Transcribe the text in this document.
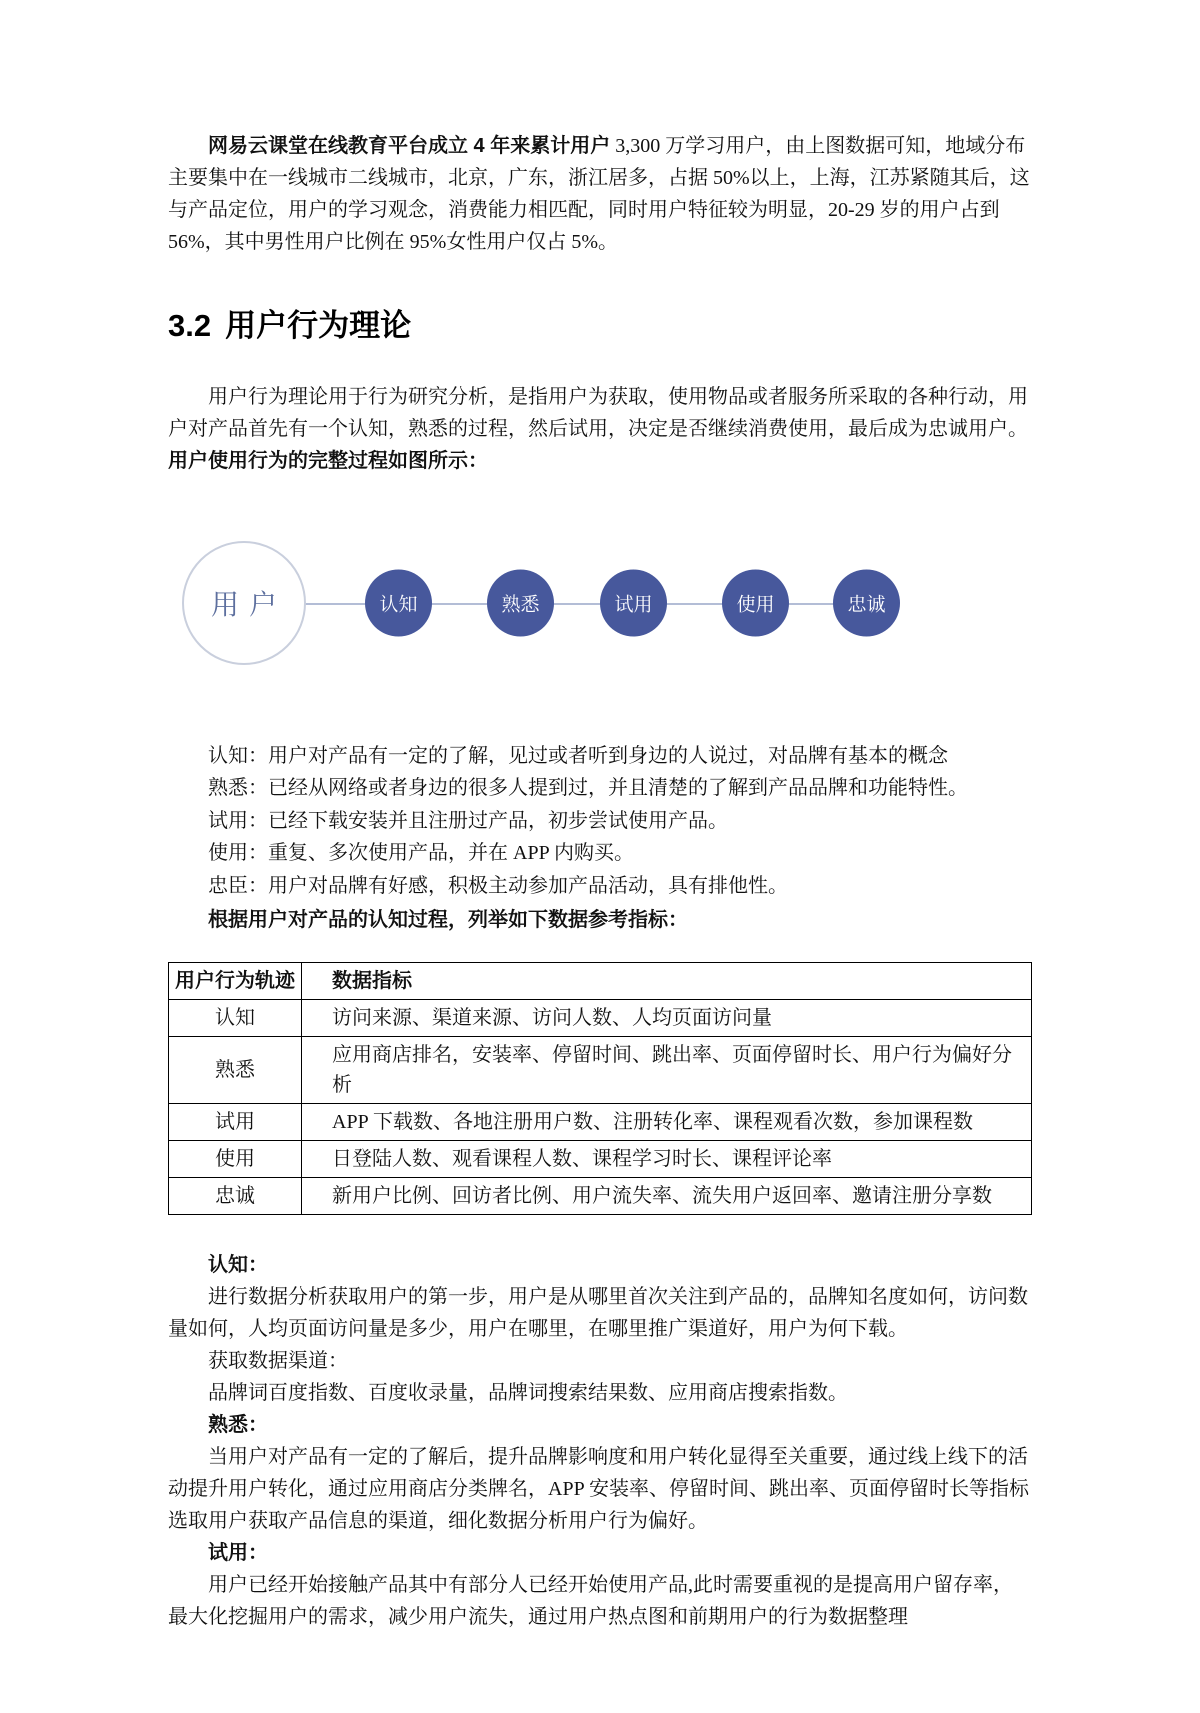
网易云课堂在线教育平台成立 4 年来累计用户 3,300 万学习用户，由上图数据可知，地域分布主要集中在一线城市二线城市，北京，广东，浙江居多，占据 50%以上，上海，江苏紧随其后，这与产品定位，用户的学习观念，消费能力相匹配，同时用户特征较为明显，20-29 岁的用户占到 56%，其中男性用户比例在 95%女性用户仅占 5%。

3.2 用户行为理论

用户行为理论用于行为研究分析，是指用户为获取，使用物品或者服务所采取的各种行动，用户对产品首先有一个认知，熟悉的过程，然后试用，决定是否继续消费使用，最后成为忠诚用户。用户使用行为的完整过程如图所示：

用户	认知	熟悉	试用	使用	忠诚

认知：用户对产品有一定的了解，见过或者听到身边的人说过，对品牌有基本的概念

熟悉：已经从网络或者身边的很多人提到过，并且清楚的了解到产品品牌和功能特性。

试用：已经下载安装并且注册过产品，初步尝试使用产品。

使用：重复、多次使用产品，并在 APP 内购买。

忠臣：用户对品牌有好感，积极主动参加产品活动，具有排他性。

根据用户对产品的认知过程，列举如下数据参考指标：

用户行为轨迹	数据指标
认知	访问来源、渠道来源、访问人数、人均页面访问量
熟悉	应用商店排名，安装率、停留时间、跳出率、页面停留时长、用户行为偏好分析
试用	APP 下载数、各地注册用户数、注册转化率、课程观看次数，参加课程数
使用	日登陆人数、观看课程人数、课程学习时长、课程评论率
忠诚	新用户比例、回访者比例、用户流失率、流失用户返回率、邀请注册分享数

认知：

进行数据分析获取用户的第一步，用户是从哪里首次关注到产品的，品牌知名度如何，访问数量如何，人均页面访问量是多少，用户在哪里，在哪里推广渠道好，用户为何下载。

获取数据渠道：

品牌词百度指数、百度收录量，品牌词搜索结果数、应用商店搜索指数。

熟悉：

当用户对产品有一定的了解后，提升品牌影响度和用户转化显得至关重要，通过线上线下的活动提升用户转化，通过应用商店分类牌名，APP 安装率、停留时间、跳出率、页面停留时长等指标选取用户获取产品信息的渠道，细化数据分析用户行为偏好。

试用：

用户已经开始接触产品其中有部分人已经开始使用产品,此时需要重视的是提高用户留存率，最大化挖掘用户的需求，减少用户流失，通过用户热点图和前期用户的行为数据整理
